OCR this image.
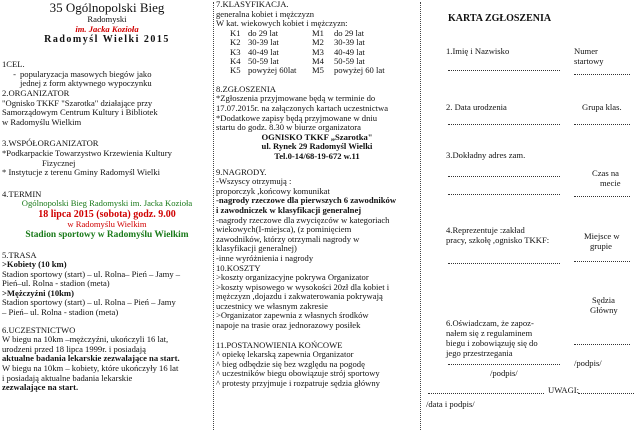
35 Ogólnopolski Bieg
Radomyski
im. Jacka Kozioła
Radomyśl Wielki 2015
1CEL.
- popularyzacja masowych biegów jako
jednej z form aktywnego wypoczynku
2.ORGANIZATOR
"Ognisko TKKF "Szarotka" działające przy
Samorządowym Centrum Kultury i Bibliotek
w Radomyślu Wielkim
3.WSPÓŁORGANIZATOR
*Podkarpackie Towarzystwo Krzewienia Kultury
Fizycznej
* Instytucje z terenu Gminy Radomyśl Wielki
4.TERMIN
Ogólnopolski Bieg Radomyski im. Jacka Kozioła
18 lipca 2015 (sobota) godz. 9.00
w Radomyślu Wielkim
Stadion sportowy w Radomyślu Wielkim
5.TRASA
>Kobiety (10 km)
Stadion sportowy (start) – ul. Rolna– Pień – Jamy –
Pień–ul. Rolna - stadion (meta)
>Mężczyźni (10km)
Stadion sportowy (start) – ul. Rolna – Pień – Jamy
– Pień– ul. Rolna - stadion (meta)
6.UCZESTNICTWO
W biegu na 10km –mężczyźni, ukończyli 16 lat,
urodzeni przed 18 lipca 1999r. i posiadają
aktualne badania lekarskie zezwalające na start.
W biegu na 10km – kobiety, które ukończyły 16 lat
i posiadają aktualne badania lekarskie
zezwalające na start.
7.KLASYFIKACJA.
generalna kobiet i mężczyzn
W kat. wiekowych kobiet i mężczyzn:
K1 do 29 lat	M1	do 29 lat
K2 30-39 lat	M2	30-39 lat
K3 40-49 lat	M3	40-49 lat
K4 50-59 lat	M4	50-59 lat
K5 powyżej 60lat	M5	powyżej 60 lat
8.ZGŁOSZENIA
*Zgłoszenia przyjmowane będą w terminie do
17.07.2015r. na załączonych kartach uczestnictwa
*Dodatkowe zapisy będą przyjmowane w dniu
startu do godz. 8.30 w biurze organizatora
OGNISKO TKKF „Szarotka"
ul. Rynek 29 Radomyśl Wielki
Tel.0-14/68-19-672 w.11
9.NAGRODY.
-Wszyscy otrzymują :
proporczyk ,końcowy komunikat
-nagrody rzeczowe dla pierwszych 6 zawodników
i zawodniczek w klasyfikacji generalnej
-nagrody rzeczowe dla zwycięzców w kategoriach
wiekowych(I-miejsca), (z pominięciem
zawodników, którzy otrzymali nagrody w
klasyfikacji generalnej)
-inne wyróżnienia i nagrody
10.KOSZTY
>koszty organizacyjne pokrywa Organizator
>koszty wpisowego w wysokości 20zł dla kobiet i
mężczyzn ,dojazdu i zakwaterowania pokrywają
uczestnicy we własnym zakresie
>Organizator zapewnia z własnych środków
napoje na trasie oraz jednorazowy posiłek
11.POSTANOWIENIA KOŃCOWE
^ opiekę lekarską zapewnia Organizator
^ bieg odbędzie się bez względu na pogodę
^ uczestników biegu obowiązuje strój sportowy
^ protesty przyjmuje i rozpatruje sędzia główny
KARTA ZGŁOSZENIA
1.Imię i Nazwisko	Numer
startowy
2. Data urodzenia	Grupa klas.
3.Dokładny adres zam.
Czas na
mecie
4.Reprezentuje :zakład
pracy, szkołę ,ognisko TKKF:	Miejsce w
grupie
Sędzia
Główny
6.Oświadczam, że zapoz-
nałem się z regulaminem
biegu i zobowiązuję się do
jego przestrzegania
/podpis/
/podpis/
UWAGI:
/data i podpis/
